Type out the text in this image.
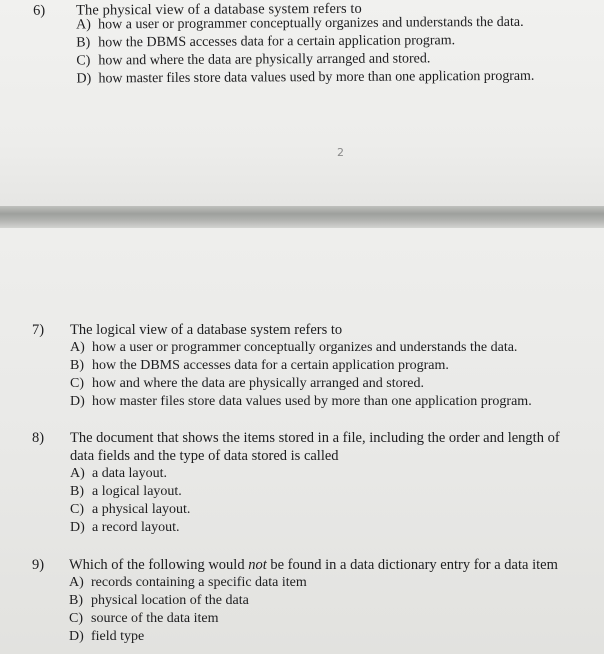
6) The physical view of a database system refers to
A) how a user or programmer conceptually organizes and understands the data.
B) how the DBMS accesses data for a certain application program.
C) how and where the data are physically arranged and stored.
D) how master files store data values used by more than one application program.
2
7) The logical view of a database system refers to
A) how a user or programmer conceptually organizes and understands the data.
B) how the DBMS accesses data for a certain application program.
C) how and where the data are physically arranged and stored.
D) how master files store data values used by more than one application program.
8) The document that shows the items stored in a file, including the order and length of
data fields and the type of data stored is called
A) a data layout.
B) a logical layout.
C) a physical layout.
D) a record layout.
9) Which of the following would not be found in a data dictionary entry for a data item
A) records containing a specific data item
B) physical location of the data
C) source of the data item
D) field type
